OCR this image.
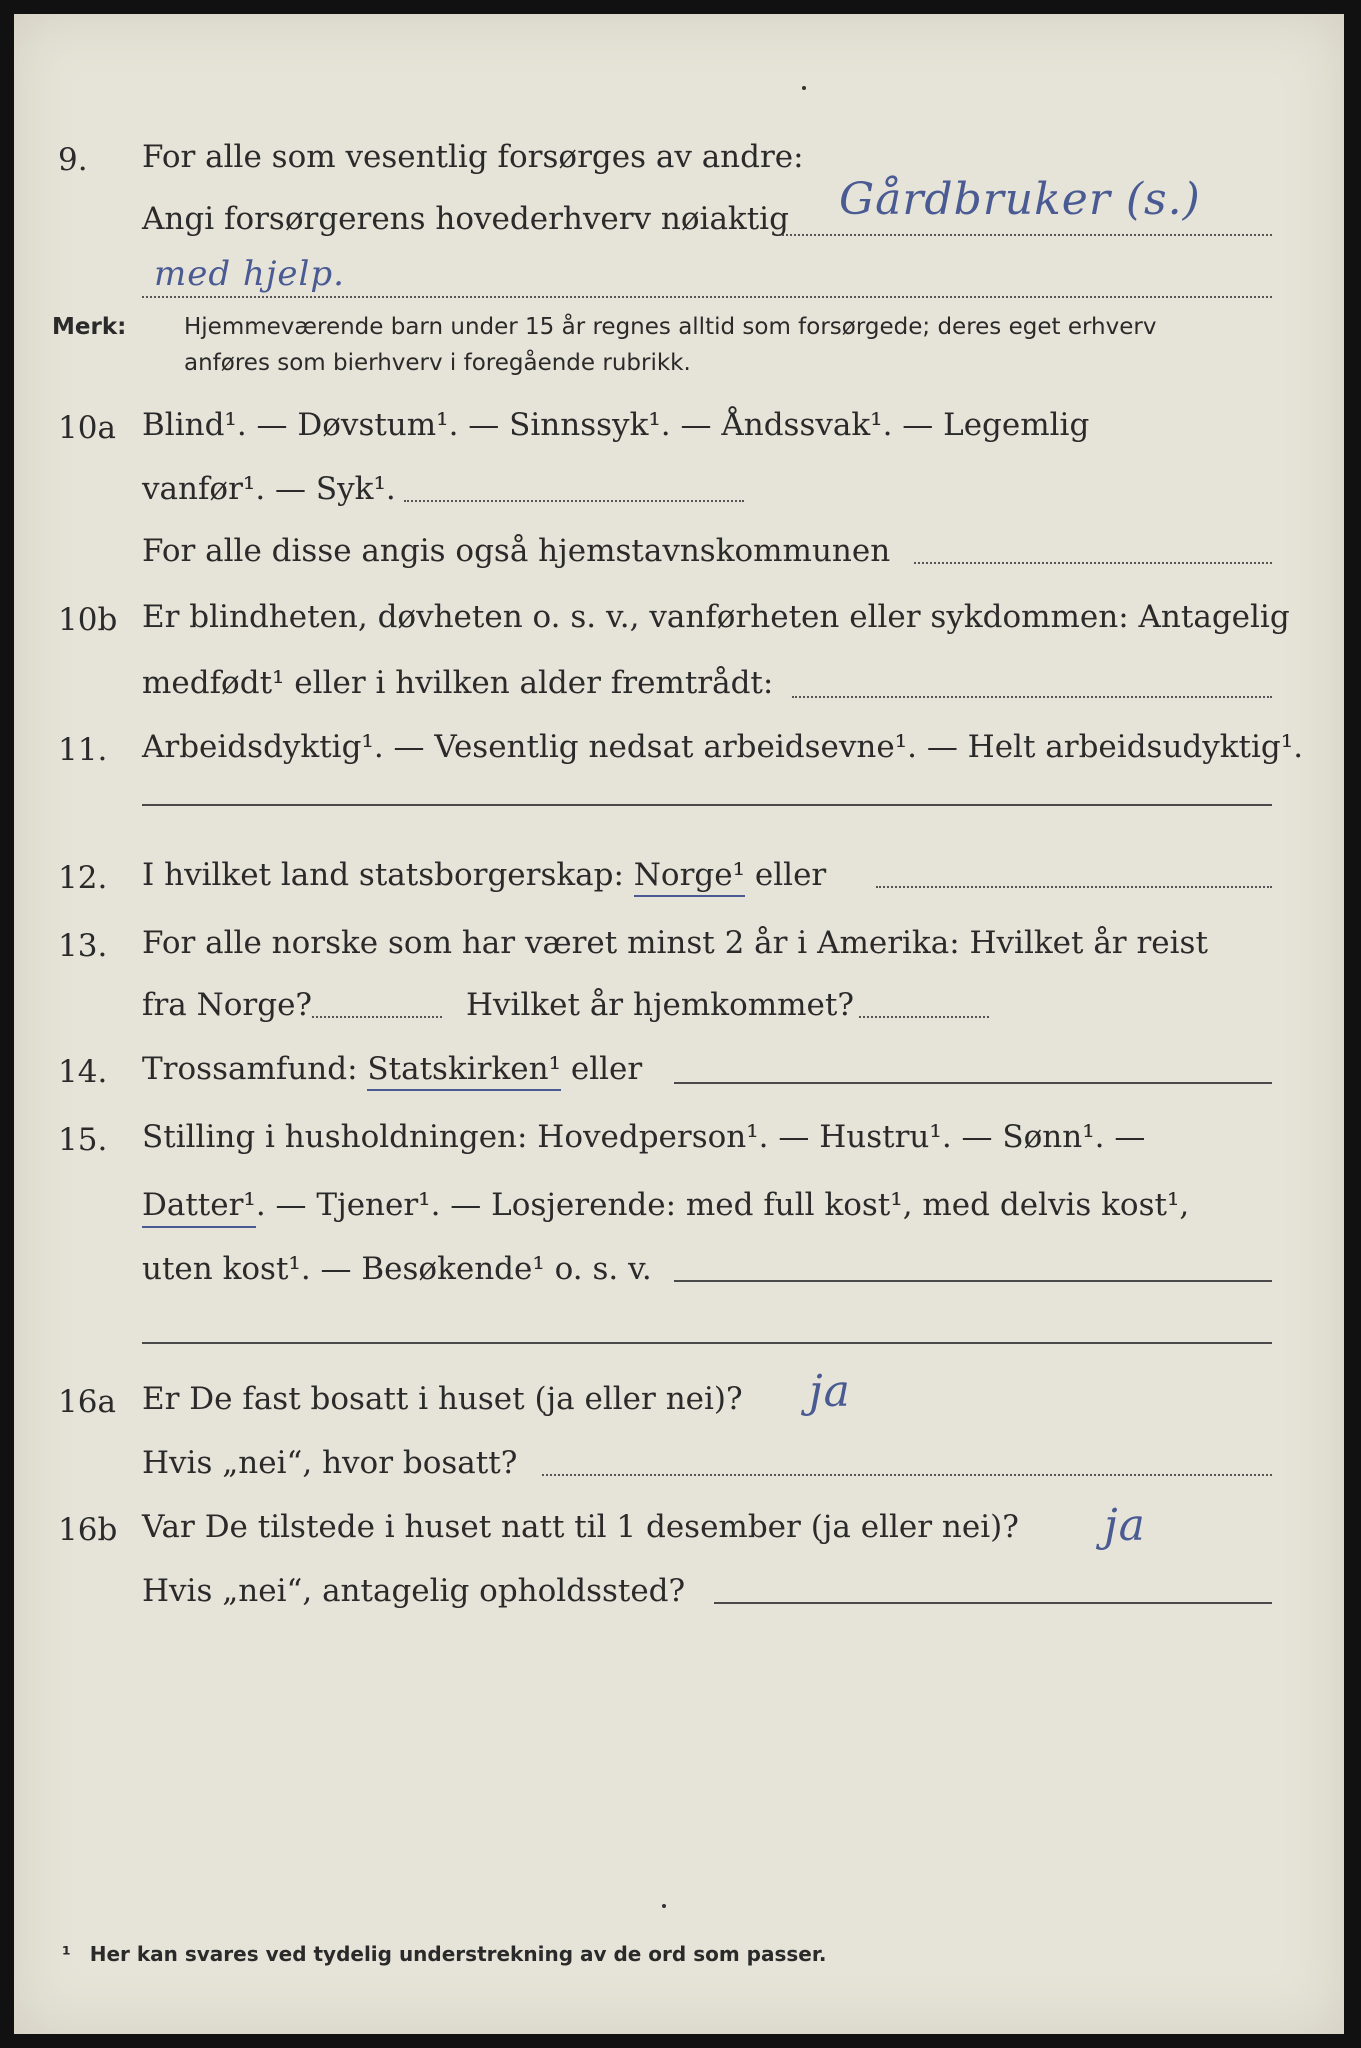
9. For alle som vesentlig forsørges av andre:
Angi forsørgerens hovederhverv nøiaktig Gårdbruker (s.)
med hjelp.
Merk:	Hjemmeværende barn under 15 år regnes alltid som forsørgede; deres eget erhverv
anføres som bierhverv i foregående rubrikk.
10a Blind¹. — Døvstum¹. — Sinnssyk¹. — Åndssvak¹. — Legemlig
vanfør¹. — Syk¹.
For alle disse angis også hjemstavnskommunen
10b Er blindheten, døvheten o. s. v., vanførheten eller sykdommen: Antagelig
medfødt¹ eller i hvilken alder fremtrådt:
11. Arbeidsdyktig¹. — Vesentlig nedsat arbeidsevne¹. — Helt arbeidsudyktig¹.
12. I hvilket land statsborgerskap: Norge¹ eller
13. For alle norske som har været minst 2 år i Amerika: Hvilket år reist
fra Norge?	Hvilket år hjemkommet?
14. Trossamfund: Statskirken¹ eller
15. Stilling i husholdningen: Hovedperson¹. — Hustru¹. — Sønn¹. —
Datter¹. — Tjener¹. — Losjerende: med full kost¹, med delvis kost¹,
uten kost¹. — Besøkende¹ o. s. v.
16a Er De fast bosatt i huset (ja eller nei)? ja
Hvis „nei“, hvor bosatt?
16b Var De tilstede i huset natt til 1 desember (ja eller nei)? ja
Hvis „nei“, antagelig opholdssted?
¹ Her kan svares ved tydelig understrekning av de ord som passer.
